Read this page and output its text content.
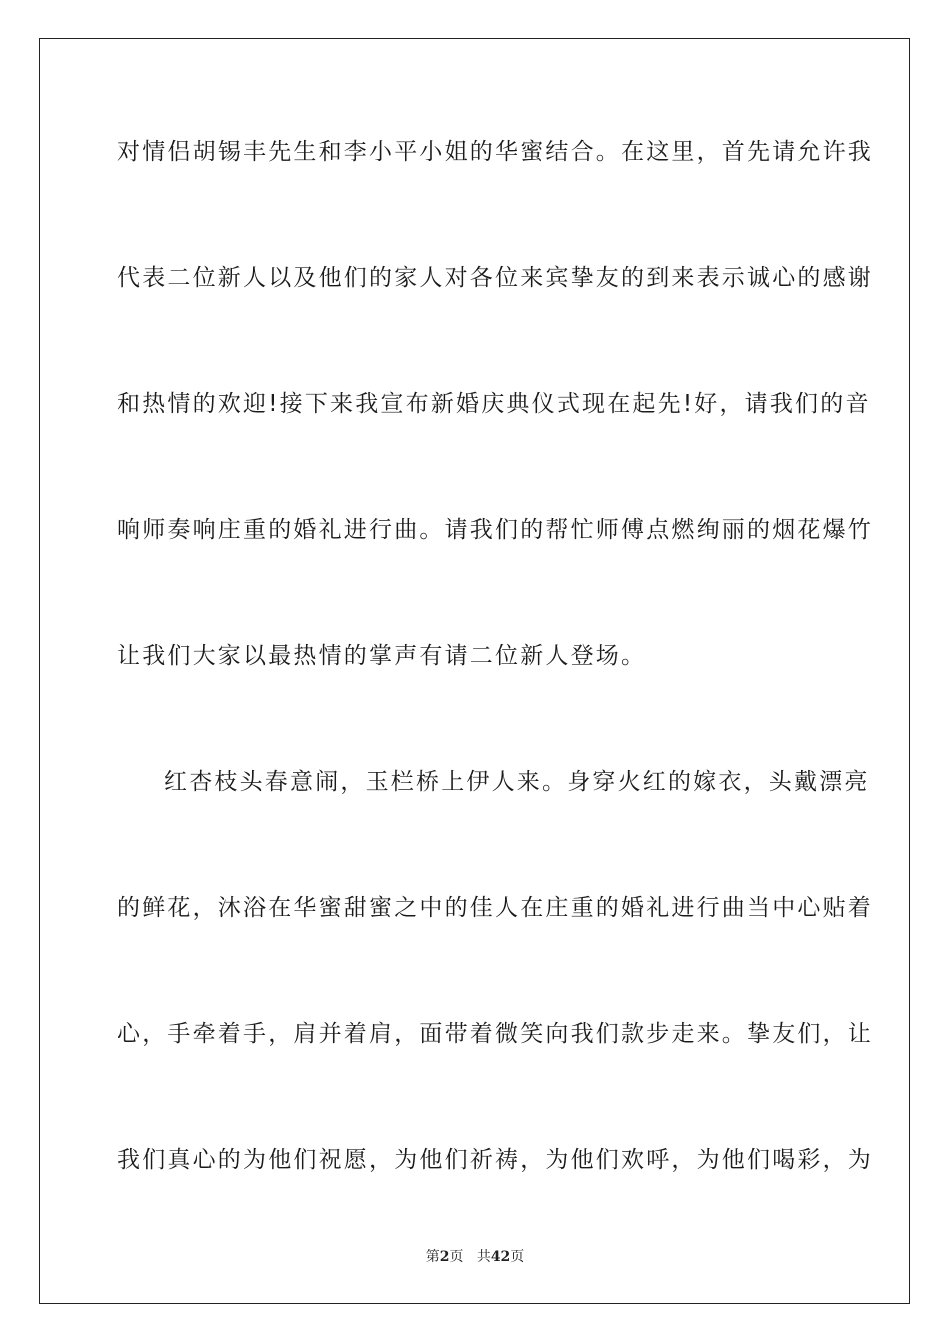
对情侣胡锡丰先生和李小平小姐的华蜜结合。在这里，首先请允许我

代表二位新人以及他们的家人对各位来宾挚友的到来表示诚心的感谢

和热情的欢迎!接下来我宣布新婚庆典仪式现在起先!好，请我们的音

响师奏响庄重的婚礼进行曲。请我们的帮忙师傅点燃绚丽的烟花爆竹

让我们大家以最热情的掌声有请二位新人登场。

红杏枝头春意闹，玉栏桥上伊人来。身穿火红的嫁衣，头戴漂亮

的鲜花，沐浴在华蜜甜蜜之中的佳人在庄重的婚礼进行曲当中心贴着

心，手牵着手，肩并着肩，面带着微笑向我们款步走来。挚友们，让

我们真心的为他们祝愿，为他们祈祷，为他们欢呼，为他们喝彩，为

第2页 共42页
